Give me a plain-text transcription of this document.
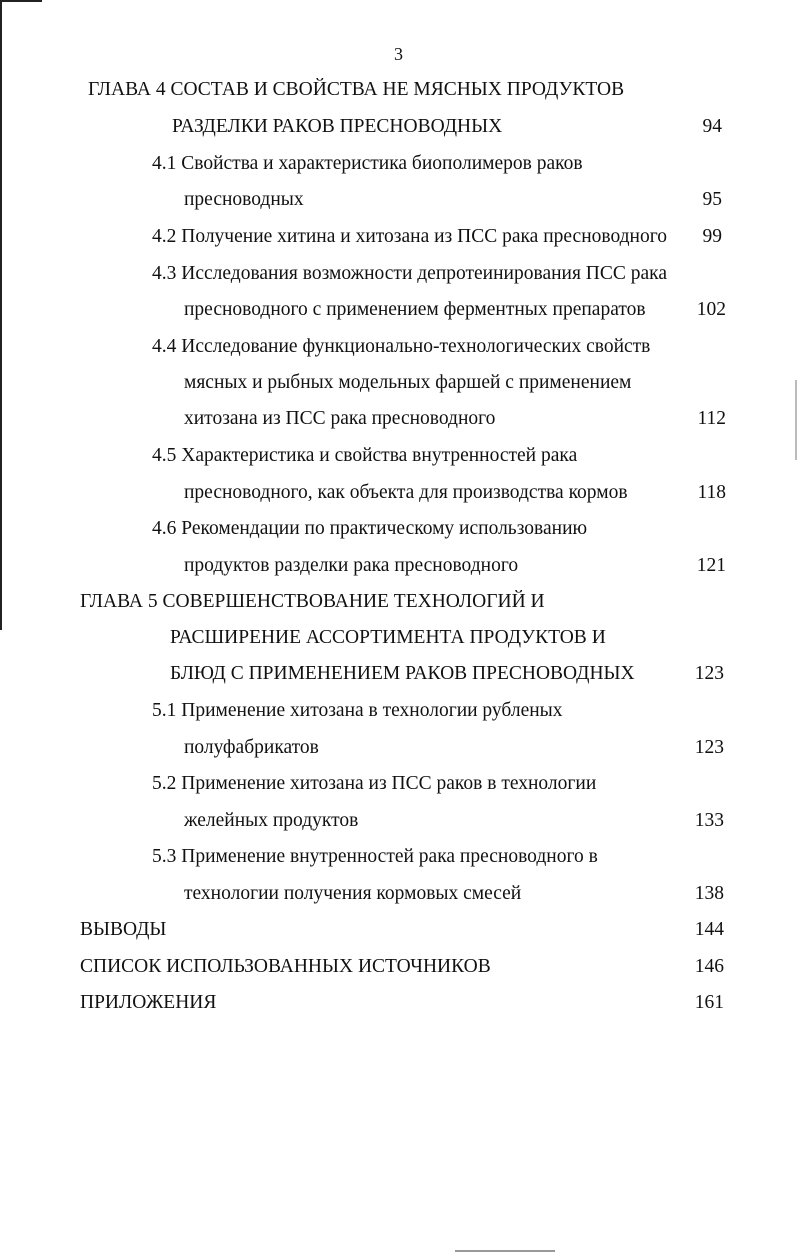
3
ГЛАВА 4 СОСТАВ И СВОЙСТВА НЕ МЯСНЫХ ПРОДУКТОВ
РАЗДЕЛКИ РАКОВ ПРЕСНОВОДНЫХ	94
4.1 Свойства и характеристика биополимеров раков
пресноводных	95
4.2 Получение хитина и хитозана из ПСС рака пресноводного	99
4.3 Исследования возможности депротеинирования ПСС рака
пресноводного с применением ферментных препаратов	102
4.4 Исследование функционально-технологических свойств
мясных и рыбных модельных фаршей с применением
хитозана из ПСС рака пресноводного	112
4.5 Характеристика и свойства внутренностей рака
пресноводного, как объекта для производства кормов	118
4.6 Рекомендации по практическому использованию
продуктов разделки рака пресноводного	121
ГЛАВА 5 СОВЕРШЕНСТВОВАНИЕ ТЕХНОЛОГИЙ И
РАСШИРЕНИЕ АССОРТИМЕНТА ПРОДУКТОВ И
БЛЮД С ПРИМЕНЕНИЕМ РАКОВ ПРЕСНОВОДНЫХ	123
5.1 Применение хитозана в технологии рубленых
полуфабрикатов	123
5.2 Применение хитозана из ПСС раков в технологии
желейных продуктов	133
5.3 Применение внутренностей рака пресноводного в
технологии получения кормовых смесей	138
ВЫВОДЫ	144
СПИСОК ИСПОЛЬЗОВАННЫХ ИСТОЧНИКОВ	146
ПРИЛОЖЕНИЯ	161
